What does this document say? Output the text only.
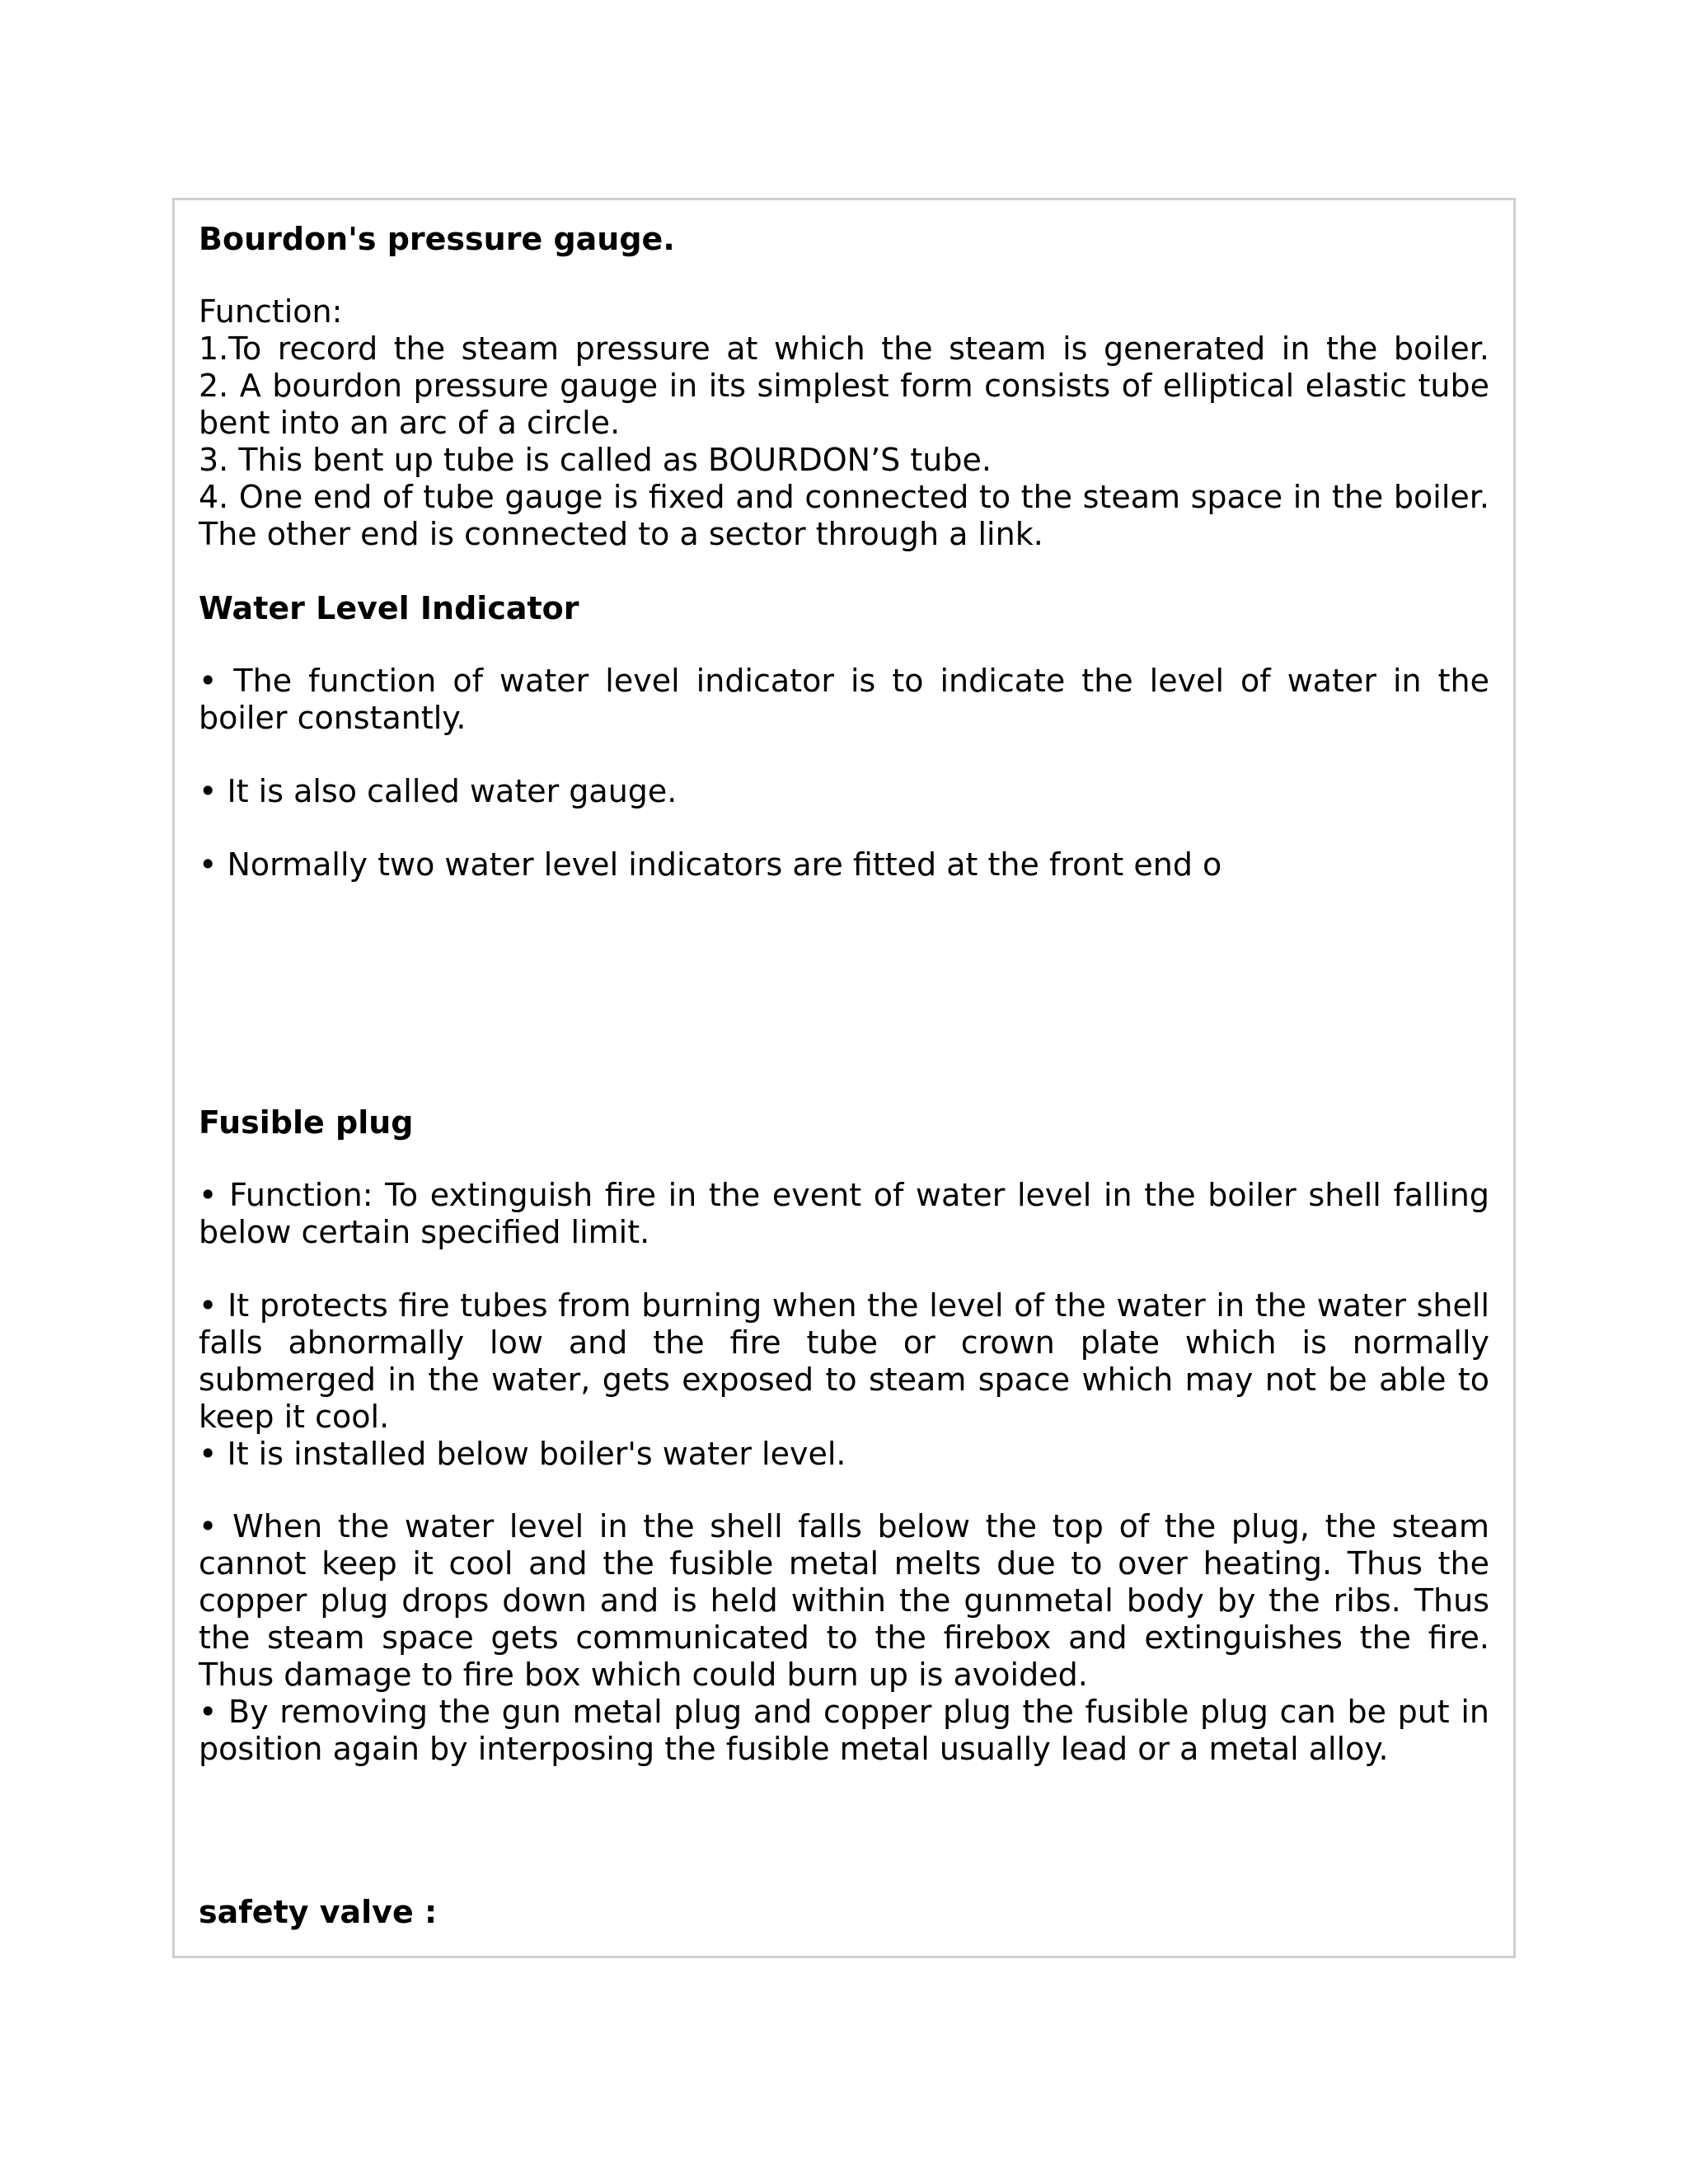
Bourdon's pressure gauge.

Function:

1.To record the steam pressure at which the steam is generated in the boiler.

2. A bourdon pressure gauge in its simplest form consists of elliptical elastic tube bent into an arc of a circle.

3. This bent up tube is called as BOURDON’S tube.

4. One end of tube gauge is fixed and connected to the steam space in the boiler. The other end is connected to a sector through a link.

Water Level Indicator

• The function of water level indicator is to indicate the level of water in the boiler constantly.

• It is also called water gauge.

• Normally two water level indicators are fitted at the front end o

Fusible plug

• Function: To extinguish fire in the event of water level in the boiler shell falling below certain specified limit.

• It protects fire tubes from burning when the level of the water in the water shell falls abnormally low and the fire tube or crown plate which is normally submerged in the water, gets exposed to steam space which may not be able to keep it cool.

• It is installed below boiler's water level.

• When the water level in the shell falls below the top of the plug, the steam cannot keep it cool and the fusible metal melts due to over heating. Thus the copper plug drops down and is held within the gunmetal body by the ribs. Thus the steam space gets communicated to the firebox and extinguishes the fire. Thus damage to fire box which could burn up is avoided.

• By removing the gun metal plug and copper plug the fusible plug can be put in position again by interposing the fusible metal usually lead or a metal alloy.

safety valve :
